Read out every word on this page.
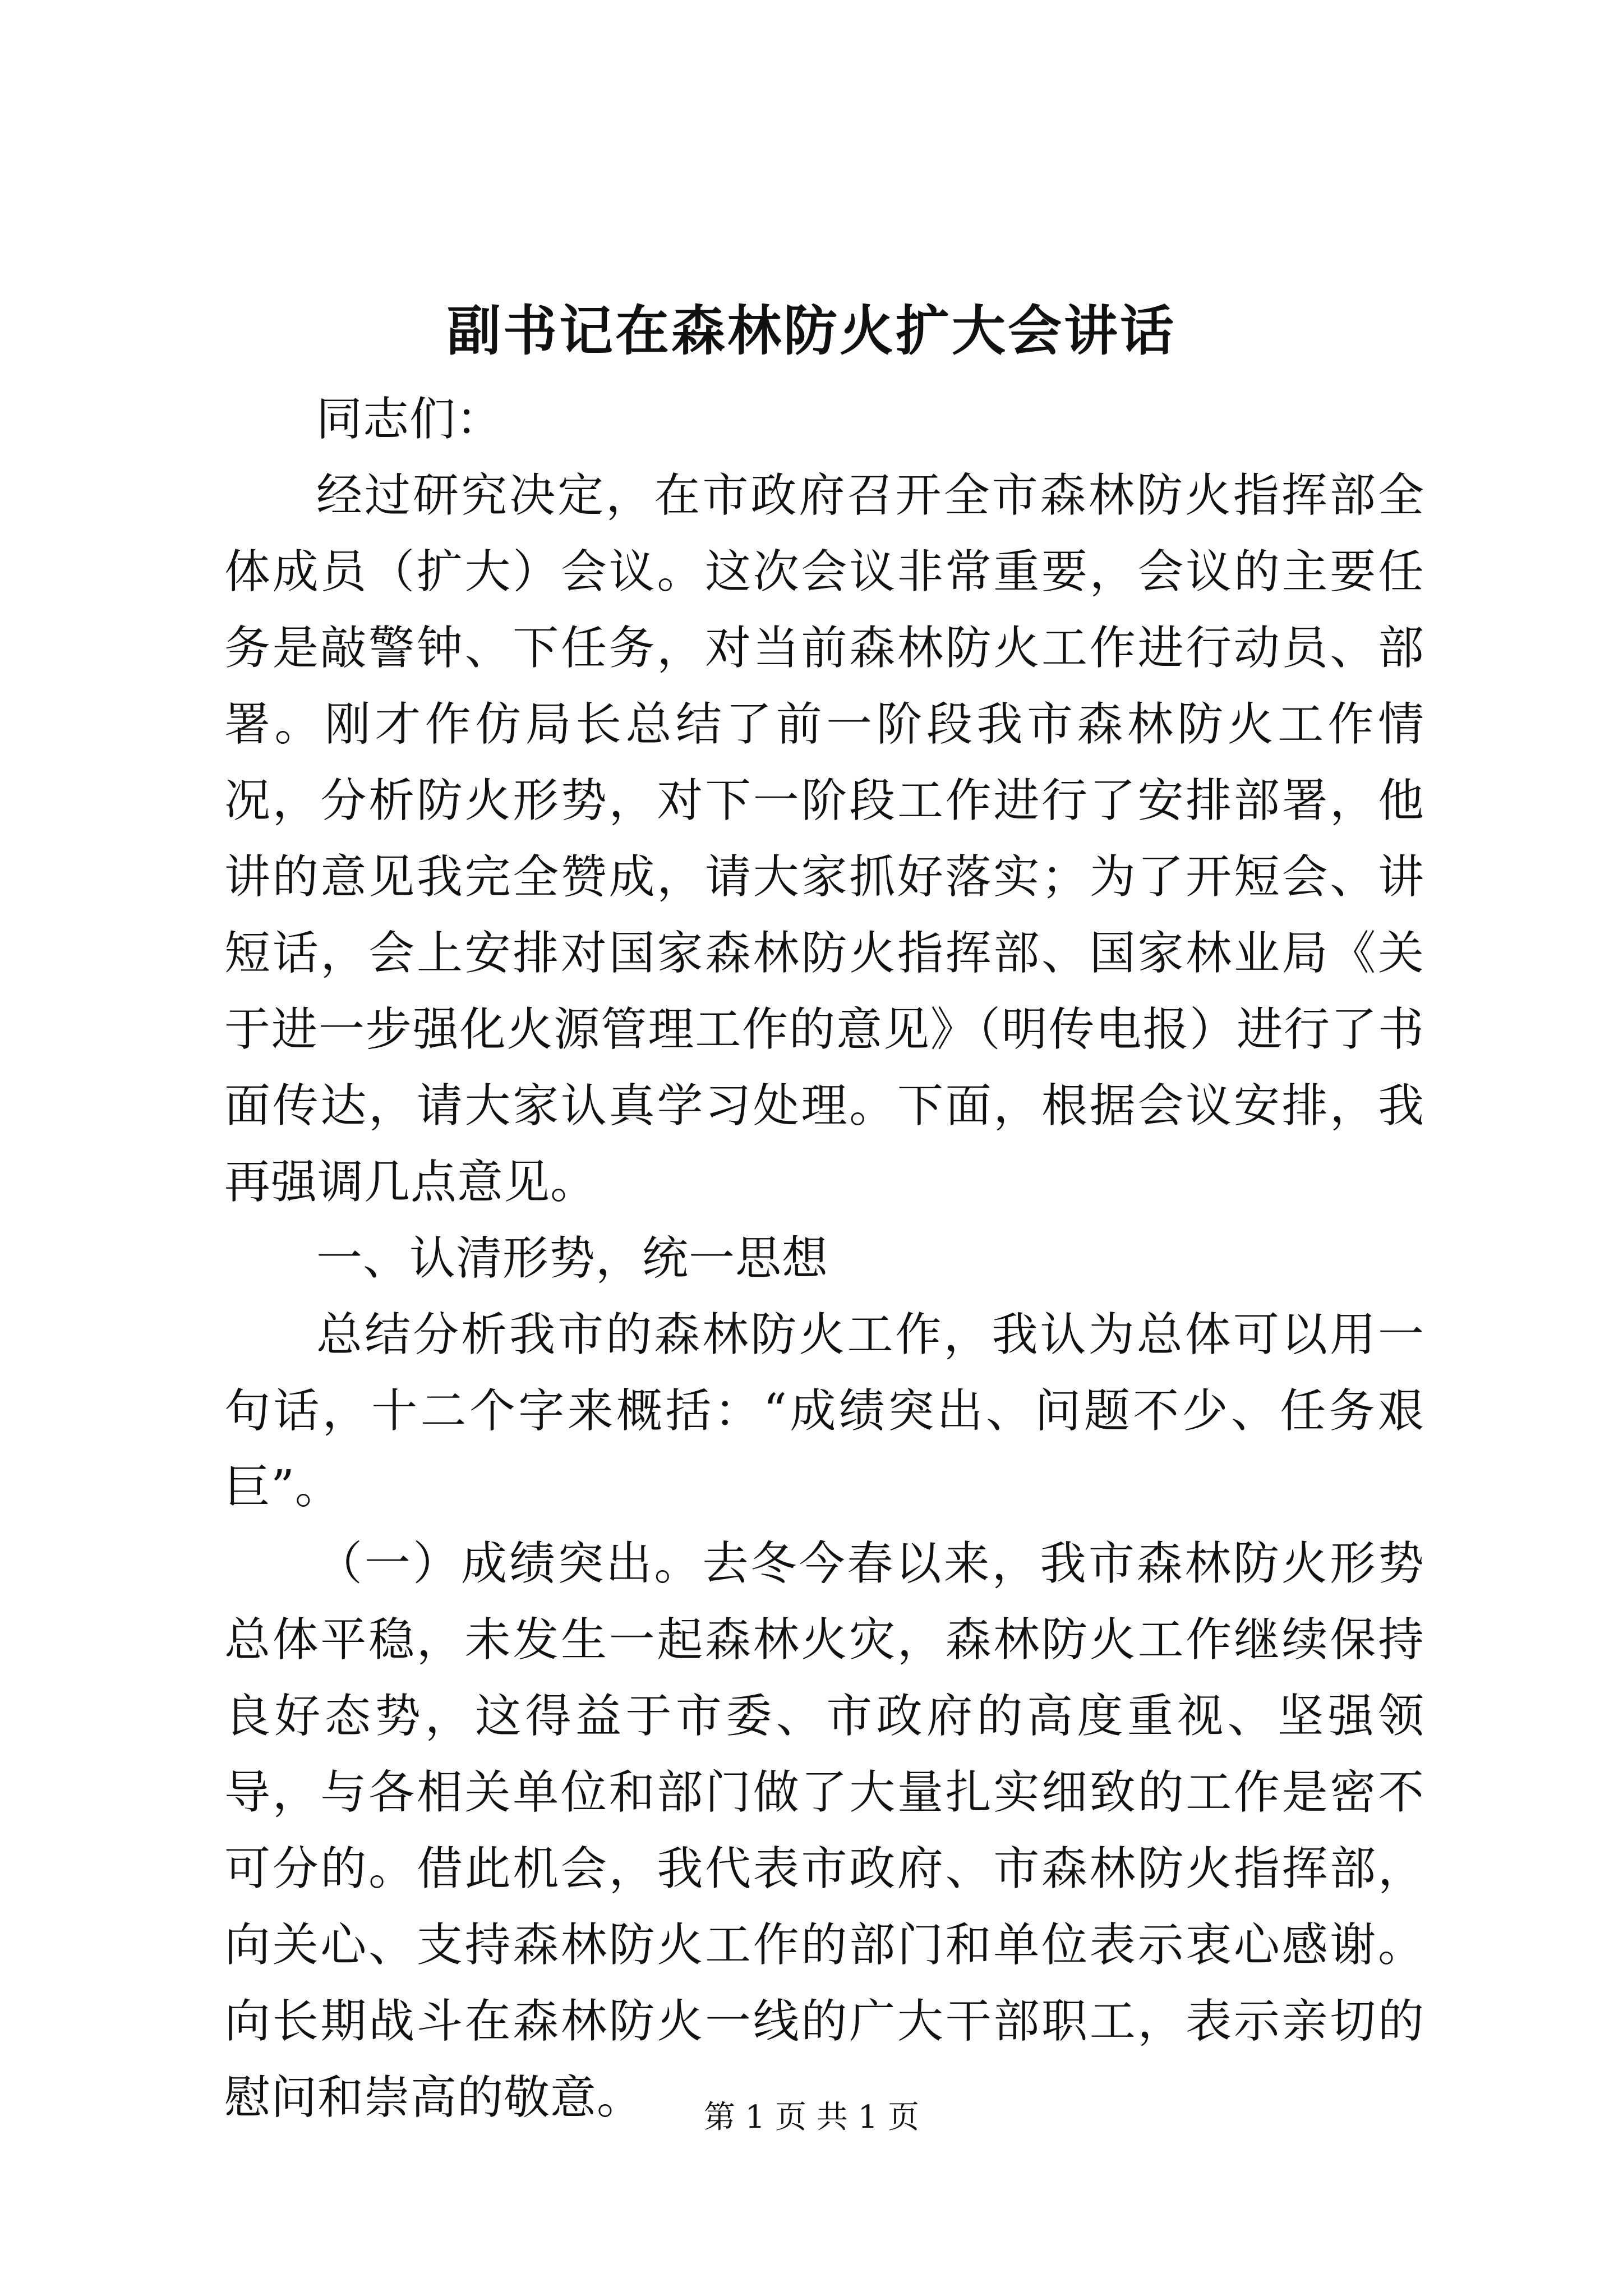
副书记在森林防火扩大会讲话

同志们：

经过研究决定，在市政府召开全市森林防火指挥部全体成员（扩大）会议。这次会议非常重要，会议的主要任务是敲警钟、下任务，对当前森林防火工作进行动员、部署。刚才作仿局长总结了前一阶段我市森林防火工作情况，分析防火形势，对下一阶段工作进行了安排部署，他讲的意见我完全赞成，请大家抓好落实；为了开短会、讲短话，会上安排对国家森林防火指挥部、国家林业局《关于进一步强化火源管理工作的意见》（明传电报）进行了书面传达，请大家认真学习处理。下面，根据会议安排，我再强调几点意见。

一、认清形势，统一思想

总结分析我市的森林防火工作，我认为总体可以用一句话，十二个字来概括：“成绩突出、问题不少、任务艰巨”。

（一）成绩突出。去冬今春以来，我市森林防火形势总体平稳，未发生一起森林火灾，森林防火工作继续保持良好态势，这得益于市委、市政府的高度重视、坚强领导，与各相关单位和部门做了大量扎实细致的工作是密不可分的。借此机会，我代表市政府、市森林防火指挥部，向关心、支持森林防火工作的部门和单位表示衷心感谢。向长期战斗在森林防火一线的广大干部职工，表示亲切的慰问和崇高的敬意。	第 1 页 共 1 页
